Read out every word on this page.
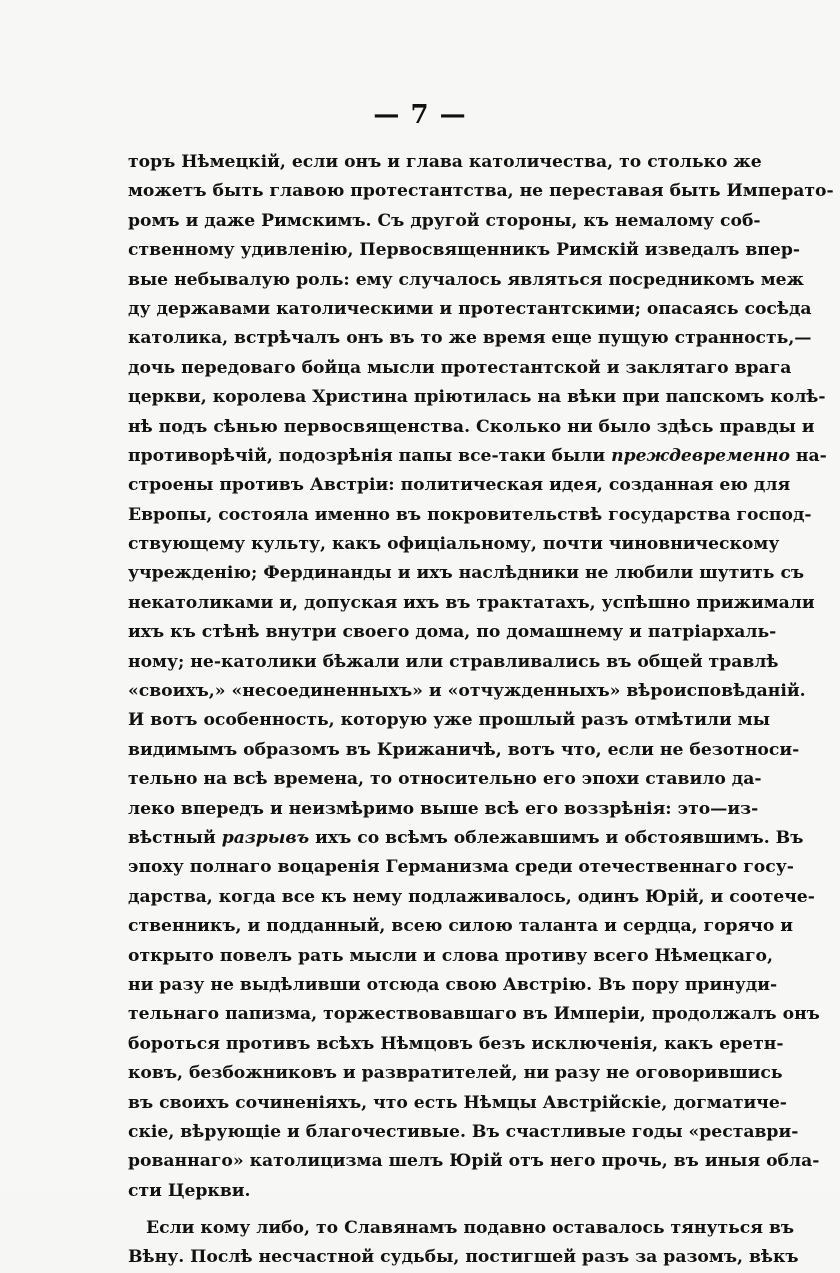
— 7 —
торъ Нѣмецкій, если онъ и глава католичества, то столько же
можетъ быть главою протестантства, не переставая быть Императо-
ромъ и даже Римскимъ. Съ другой стороны, къ немалому соб-
ственному удивленію, Первосвященникъ Римскій изведалъ впер-
вые небывалую роль: ему случалось являться посредникомъ меж
ду державами католическими и протестантскими; опасаясь сосѣда
католика, встрѣчалъ онъ въ то же время еще пущую странность,—
дочь передоваго бойца мысли протестантской и заклятаго врага
церкви, королева Христина пріютилась на вѣки при папскомъ колѣ-
нѣ подъ сѣнью первосвященства. Сколько ни было здѣсь правды и
противорѣчій, подозрѣнія папы все-таки были преждевременно на-
строены противъ Австріи: политическая идея, созданная ею для
Европы, состояла именно въ покровительствѣ государства господ-
ствующему культу, какъ офиціальному, почти чиновническому
учрежденію; Фердинанды и ихъ наслѣдники не любили шутить съ
некатоликами и, допуская ихъ въ трактатахъ, успѣшно прижимали
ихъ къ стѣнѣ внутри своего дома, по домашнему и патріархаль-
ному; не-католики бѣжали или стравливались въ общей травлѣ
«своихъ,» «несоединенныхъ» и «отчужденныхъ» вѣроисповѣданій.
И вотъ особенность, которую уже прошлый разъ отмѣтили мы
видимымъ образомъ въ Крижаничѣ, вотъ что, если не безотноси-
тельно на всѣ времена, то относительно его эпохи ставило да-
леко впередъ и неизмѣримо выше всѣ его воззрѣнія: это—из-
вѣстный разрывъ ихъ со всѣмъ облежавшимъ и обстоявшимъ. Въ
эпоху полнаго воцаренія Германизма среди отечественнаго госу-
дарства, когда все къ нему подлаживалось, одинъ Юрій, и соотече-
ственникъ, и подданный, всею силою таланта и сердца, горячо и
открыто повелъ рать мысли и слова противу всего Нѣмецкаго,
ни разу не выдѣливши отсюда свою Австрію. Въ пору принуди-
тельнаго папизма, торжествовавшаго въ Имперіи, продолжалъ онъ
бороться противъ всѣхъ Нѣмцовъ безъ исключенія, какъ еретн-
ковъ, безбожниковъ и развратителей, ни разу не оговорившись
въ своихъ сочиненіяхъ, что есть Нѣмцы Австрійскіе, догматиче-
скіе, вѣрующіе и благочестивые. Въ счастливые годы «реставри-
рованнаго» католицизма шелъ Юрій отъ него прочь, въ иныя обла-
сти Церкви.
Если кому либо, то Славянамъ подавно оставалось тянуться въ
Вѣну. Послѣ несчастной судьбы, постигшей разъ за разомъ, вѣкъ
